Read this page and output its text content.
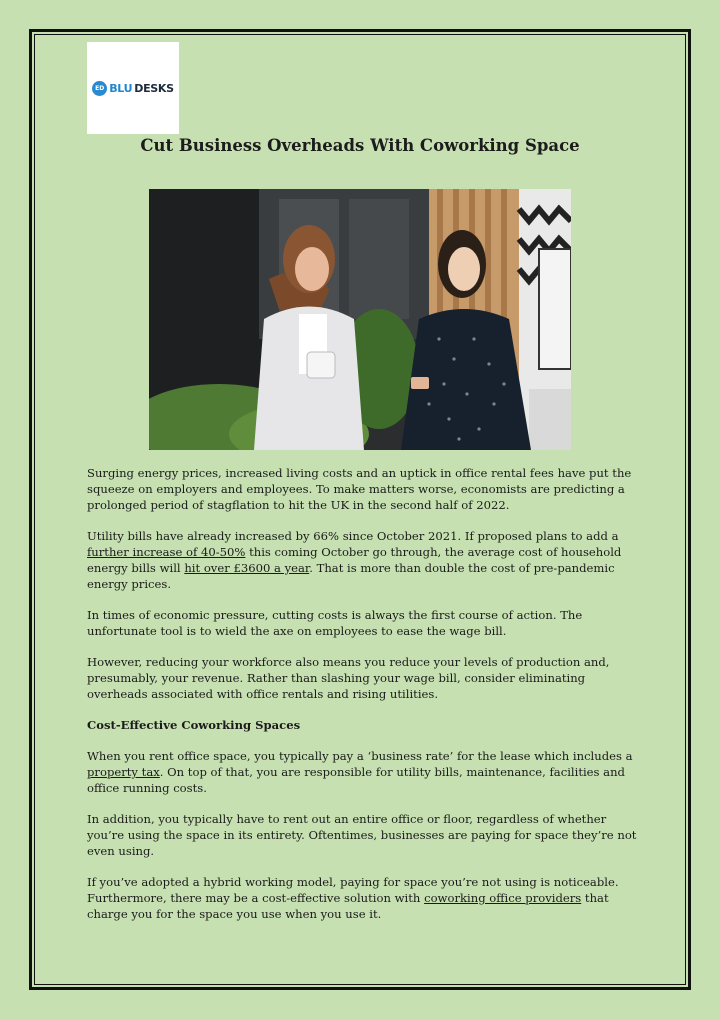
ED BLU DESKS
Cut Business Overheads With Coworking Space

Surging energy prices, increased living costs and an uptick in office rental fees have put the squeeze on employers and employees. To make matters worse, economists are predicting a prolonged period of stagflation to hit the UK in the second half of 2022.

Utility bills have already increased by 66% since October 2021. If proposed plans to add a further increase of 40-50% this coming October go through, the average cost of household energy bills will hit over £3600 a year. That is more than double the cost of pre-pandemic energy prices.

In times of economic pressure, cutting costs is always the first course of action. The unfortunate tool is to wield the axe on employees to ease the wage bill.

However, reducing your workforce also means you reduce your levels of production and, presumably, your revenue. Rather than slashing your wage bill, consider eliminating overheads associated with office rentals and rising utilities.

Cost-Effective Coworking Spaces

When you rent office space, you typically pay a ‘business rate’ for the lease which includes a property tax. On top of that, you are responsible for utility bills, maintenance, facilities and office running costs.

In addition, you typically have to rent out an entire office or floor, regardless of whether you’re using the space in its entirety. Oftentimes, businesses are paying for space they’re not even using.

If you’ve adopted a hybrid working model, paying for space you’re not using is noticeable. Furthermore, there may be a cost-effective solution with coworking office providers that charge you for the space you use when you use it.
